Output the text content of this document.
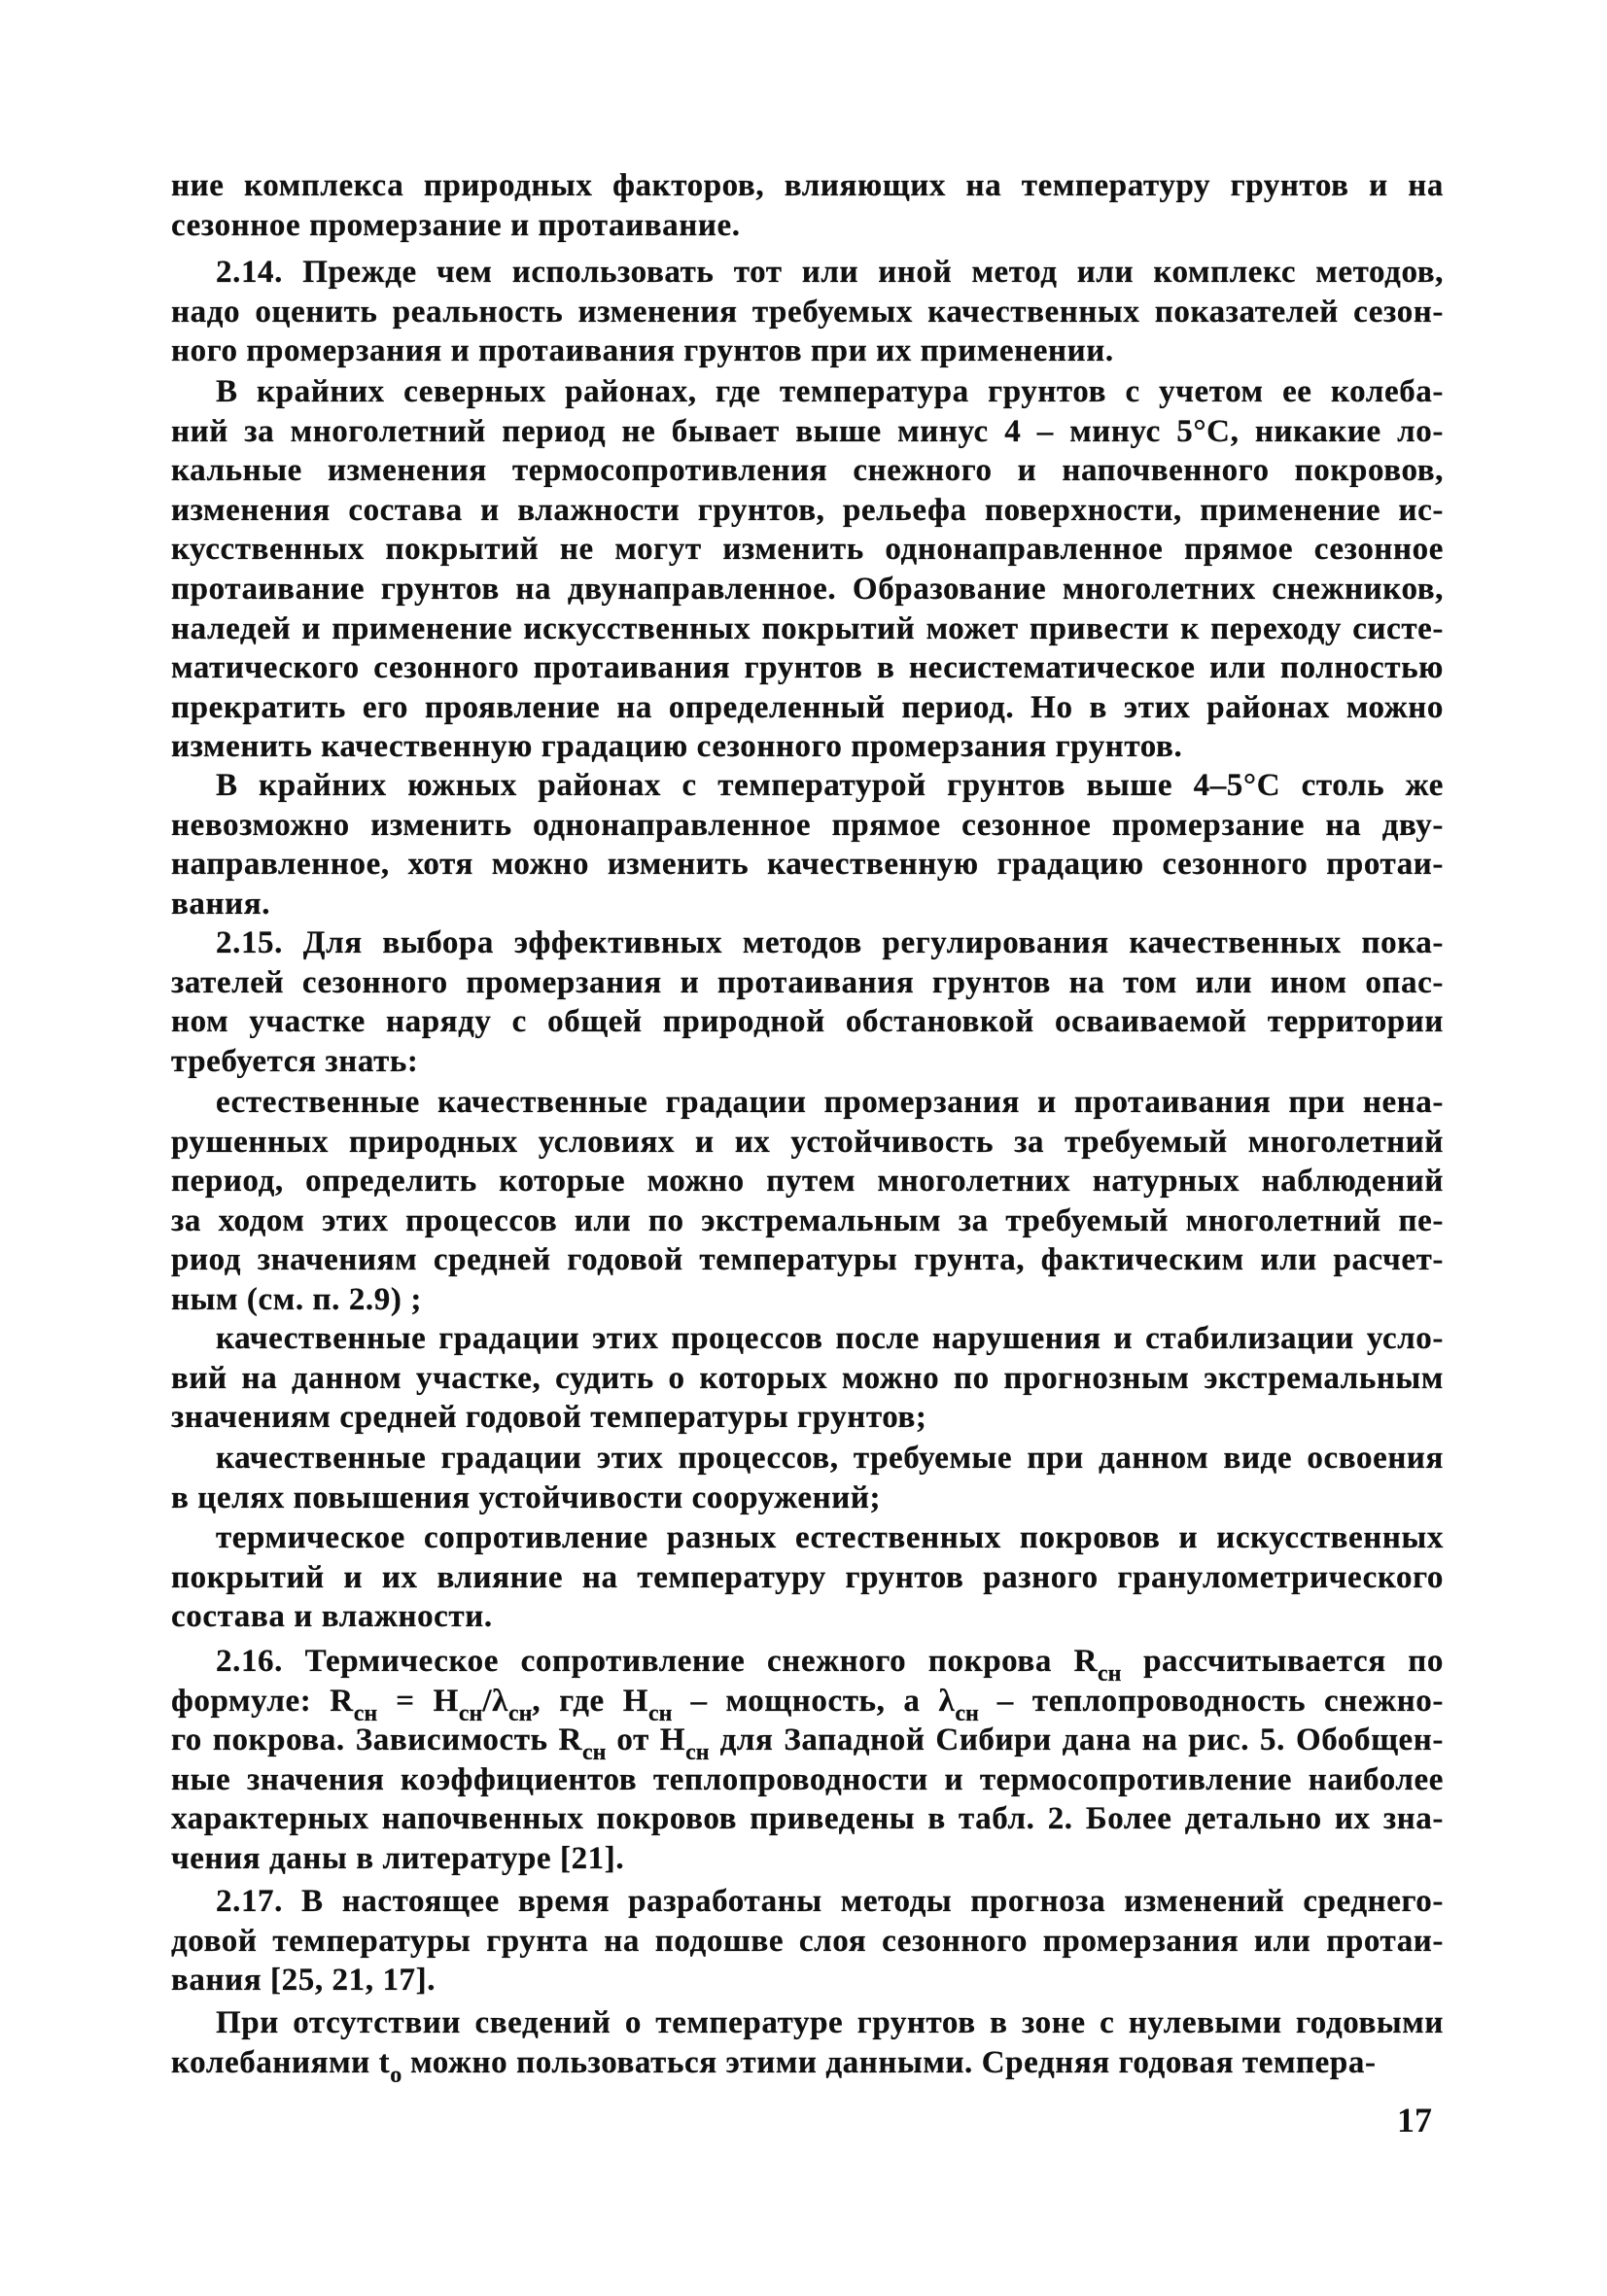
ние комплекса природных факторов, влияющих на температуру грунтов и на
сезонное промерзание и протаивание.
2.14. Прежде чем использовать тот или иной метод или комплекс методов,
надо оценить реальность изменения требуемых качественных показателей сезон-
ного промерзания и протаивания грунтов при их применении.
В крайних северных районах, где температура грунтов с учетом ее колеба-
ний за многолетний период не бывает выше минус 4 – минус 5°С, никакие ло-
кальные изменения термосопротивления снежного и напочвенного покровов,
изменения состава и влажности грунтов, рельефа поверхности, применение ис-
кусственных покрытий не могут изменить однонаправленное прямое сезонное
протаивание грунтов на двунаправленное. Образование многолетних снежников,
наледей и применение искусственных покрытий может привести к переходу систе-
матического сезонного протаивания грунтов в несистематическое или полностью
прекратить его проявление на определенный период. Но в этих районах можно
изменить качественную градацию сезонного промерзания грунтов.
В крайних южных районах с температурой грунтов выше 4–5°С столь же
невозможно изменить однонаправленное прямое сезонное промерзание на дву-
направленное, хотя можно изменить качественную градацию сезонного протаи-
вания.
2.15. Для выбора эффективных методов регулирования качественных пока-
зателей сезонного промерзания и протаивания грунтов на том или ином опас-
ном участке наряду с общей природной обстановкой осваиваемой территории
требуется знать:
естественные качественные градации промерзания и протаивания при нена-
рушенных природных условиях и их устойчивость за требуемый многолетний
период, определить которые можно путем многолетних натурных наблюдений
за ходом этих процессов или по экстремальным за требуемый многолетний пе-
риод значениям средней годовой температуры грунта, фактическим или расчет-
ным (см. п. 2.9) ;
качественные градации этих процессов после нарушения и стабилизации усло-
вий на данном участке, судить о которых можно по прогнозным экстремальным
значениям средней годовой температуры грунтов;
качественные градации этих процессов, требуемые при данном виде освоения
в целях повышения устойчивости сооружений;
термическое сопротивление разных естественных покровов и искусственных
покрытий и их влияние на температуру грунтов разного гранулометрического
состава и влажности.
2.16. Термическое сопротивление снежного покрова $R_{сн}$ рассчитывается по
формуле: $R_{сн} = H_{сн}/\lambda_{сн}$, где $H_{сн}$ – мощность, а $\lambda_{сн}$ – теплопроводность снежно-
го покрова. Зависимость $R_{сн}$ от $H_{сн}$ для Западной Сибири дана на рис. 5. Обобщен-
ные значения коэффициентов теплопроводности и термосопротивление наиболее
характерных напочвенных покровов приведены в табл. 2. Более детально их зна-
чения даны в литературе [21].
2.17. В настоящее время разработаны методы прогноза изменений среднего-
довой температуры грунта на подошве слоя сезонного промерзания или протаи-
вания [25, 21, 17].
При отсутствии сведений о температуре грунтов в зоне с нулевыми годовыми
колебаниями $t_о$ можно пользоваться этими данными. Средняя годовая темпера-
17
